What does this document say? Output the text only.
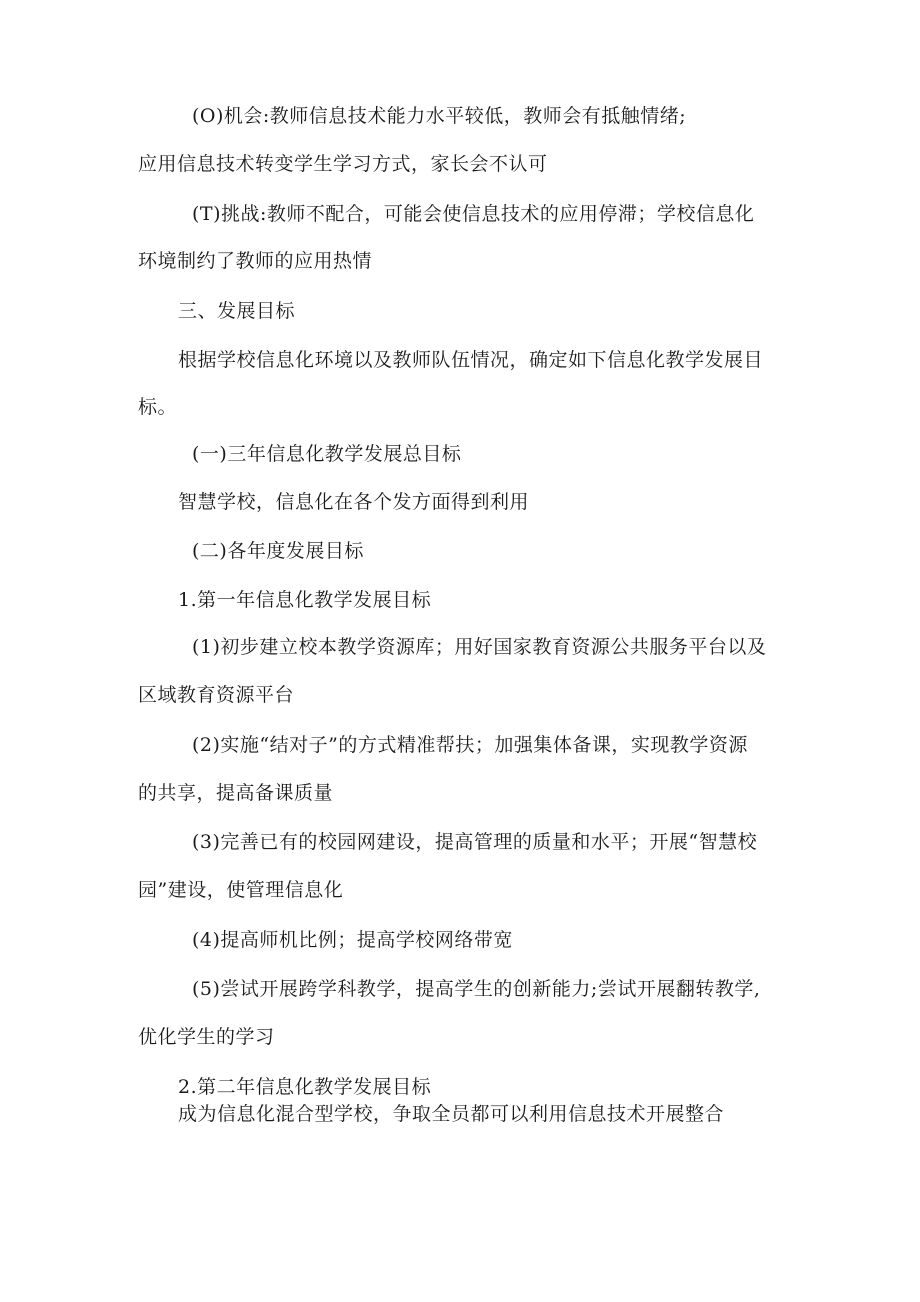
(O)机会:教师信息技术能力水平较低，教师会有抵触情绪;
应用信息技术转变学生学习方式，家长会不认可
(T)挑战:教师不配合，可能会使信息技术的应用停滞；学校信息化
环境制约了教师的应用热情
三、发展目标
根据学校信息化环境以及教师队伍情况，确定如下信息化教学发展目
标。
(一)三年信息化教学发展总目标
智慧学校，信息化在各个发方面得到利用
(二)各年度发展目标
1.第一年信息化教学发展目标
(1)初步建立校本教学资源库；用好国家教育资源公共服务平台以及
区域教育资源平台
(2)实施“结对子”的方式精准帮扶；加强集体备课，实现教学资源
的共享，提高备课质量
(3)完善已有的校园网建设，提高管理的质量和水平；开展“智慧校
园”建设，使管理信息化
(4)提高师机比例；提高学校网络带宽
(5)尝试开展跨学科教学，提高学生的创新能力;尝试开展翻转教学,
优化学生的学习
2.第二年信息化教学发展目标
成为信息化混合型学校，争取全员都可以利用信息技术开展整合
